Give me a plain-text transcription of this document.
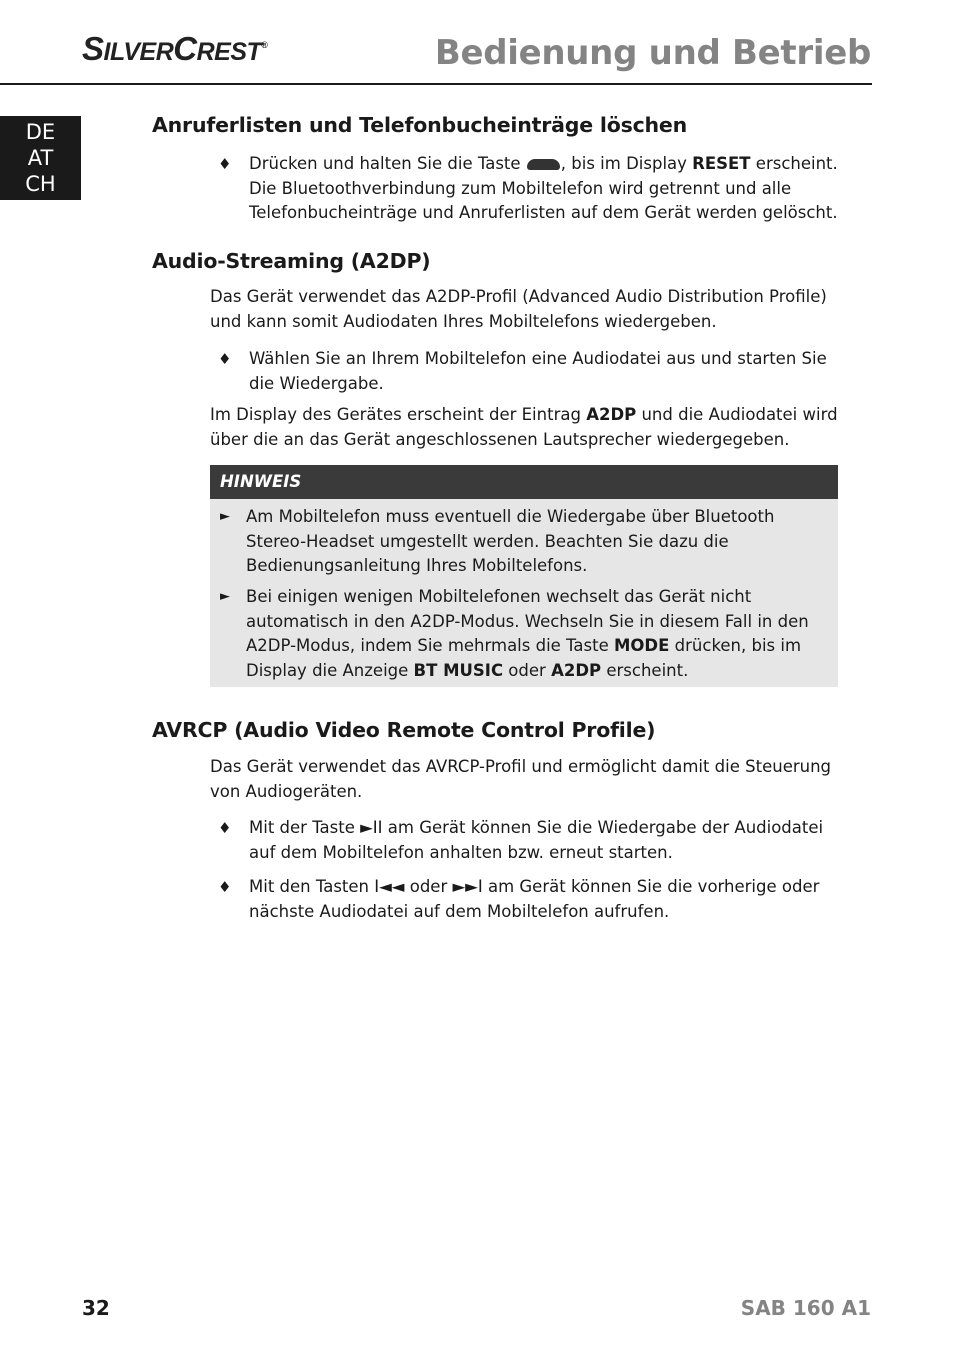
SILVERCREST®	Bedienung und Betrieb
DE
AT
CH
Anruferlisten und Telefonbucheinträge löschen
♦ Drücken und halten Sie die Taste , bis im Display RESET erscheint. Die Bluetoothverbindung zum Mobiltelefon wird getrennt und alle Telefonbucheinträge und Anruferlisten auf dem Gerät werden gelöscht.
Audio-Streaming (A2DP)
Das Gerät verwendet das A2DP-Profil (Advanced Audio Distribution Profile) und kann somit Audiodaten Ihres Mobiltelefons wiedergeben.
♦ Wählen Sie an Ihrem Mobiltelefon eine Audiodatei aus und starten Sie die Wiedergabe.
Im Display des Gerätes erscheint der Eintrag A2DP und die Audiodatei wird über die an das Gerät angeschlossenen Lautsprecher wiedergegeben.
HINWEIS
► Am Mobiltelefon muss eventuell die Wiedergabe über Bluetooth Stereo-Headset umgestellt werden. Beachten Sie dazu die Bedienungsanleitung Ihres Mobiltelefons.
► Bei einigen wenigen Mobiltelefonen wechselt das Gerät nicht automatisch in den A2DP-Modus. Wechseln Sie in diesem Fall in den A2DP-Modus, indem Sie mehrmals die Taste MODE drücken, bis im Display die Anzeige BT MUSIC oder A2DP erscheint.
AVRCP (Audio Video Remote Control Profile)
Das Gerät verwendet das AVRCP-Profil und ermöglicht damit die Steuerung von Audiogeräten.
♦ Mit der Taste ►II am Gerät können Sie die Wiedergabe der Audiodatei auf dem Mobiltelefon anhalten bzw. erneut starten.
♦ Mit den Tasten I◄◄ oder ►►I am Gerät können Sie die vorherige oder nächste Audiodatei auf dem Mobiltelefon aufrufen.
32	SAB 160 A1
